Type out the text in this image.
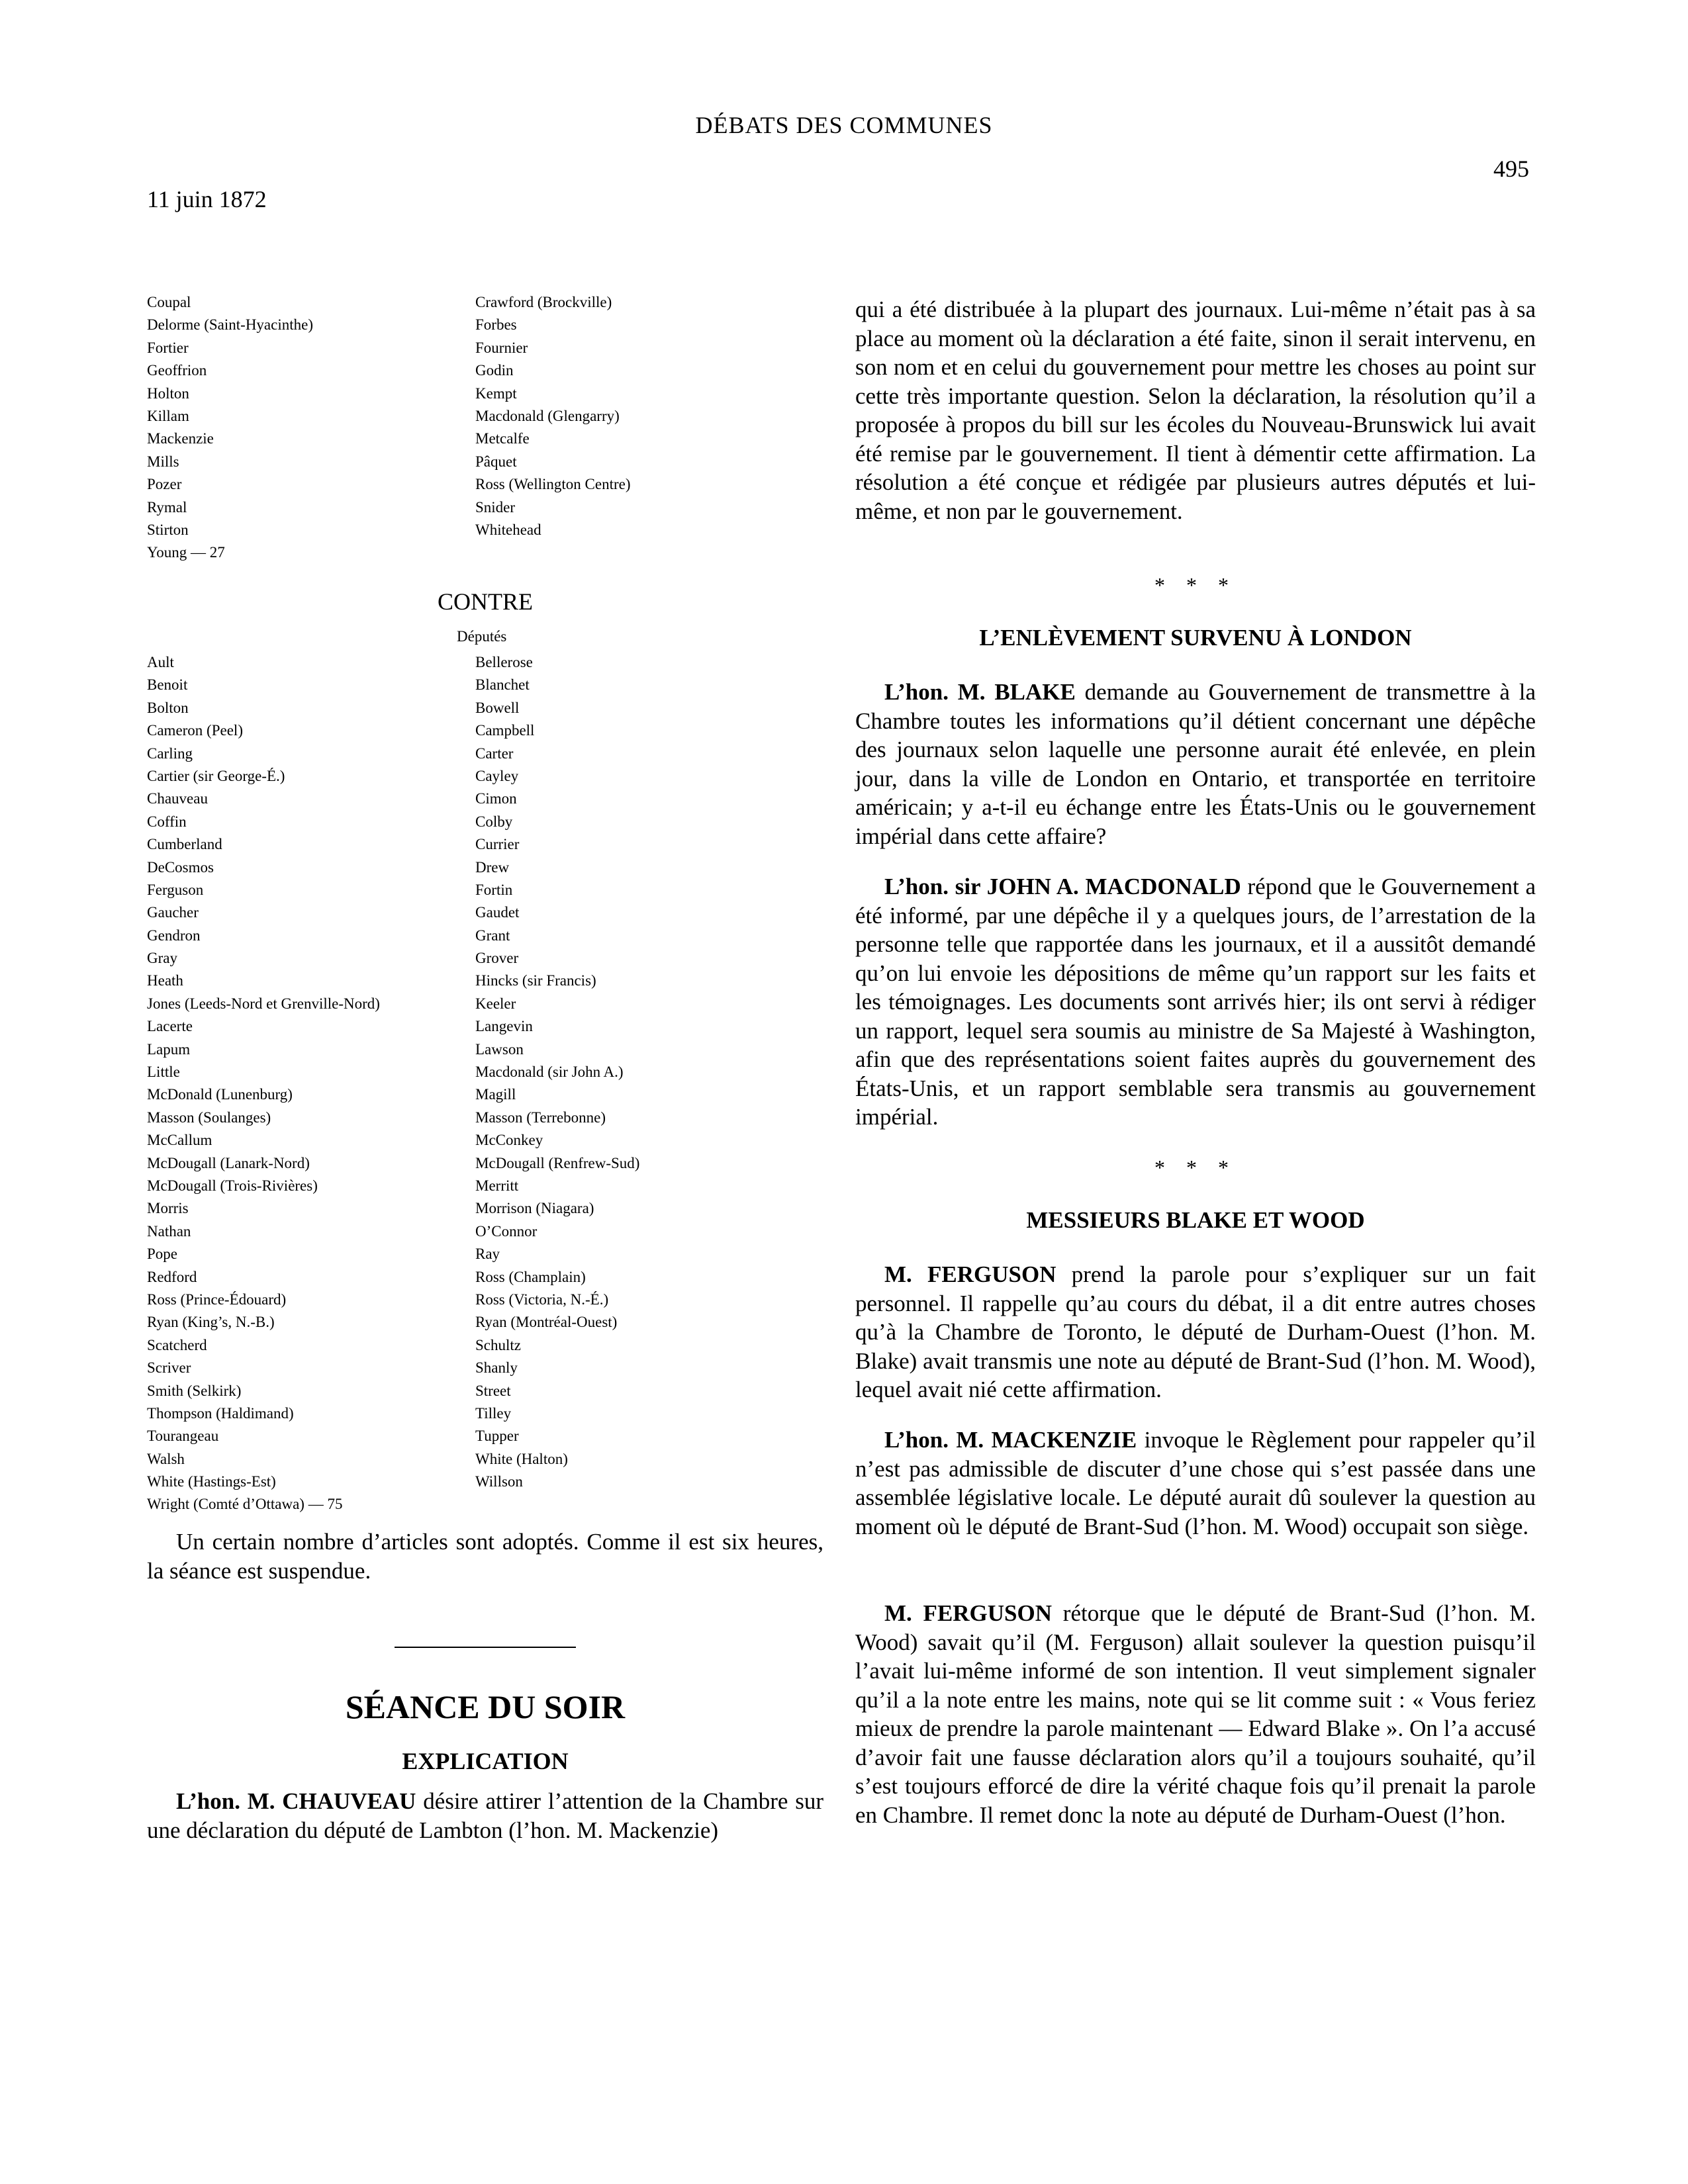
DÉBATS DES COMMUNES
495
11 juin 1872
Coupal
Delorme (Saint-Hyacinthe)
Fortier
Geoffrion
Holton
Killam
Mackenzie
Mills
Pozer
Rymal
Stirton
Young — 27
Crawford (Brockville)
Forbes
Fournier
Godin
Kempt
Macdonald (Glengarry)
Metcalfe
Pâquet
Ross (Wellington Centre)
Snider
Whitehead
CONTRE
Députés
Ault
Benoit
Bolton
Cameron (Peel)
Carling
Cartier (sir George-É.)
Chauveau
Coffin
Cumberland
DeCosmos
Ferguson
Gaucher
Gendron
Gray
Heath
Jones (Leeds-Nord et Grenville-Nord)
Lacerte
Lapum
Little
McDonald (Lunenburg)
Masson (Soulanges)
McCallum
McDougall (Lanark-Nord)
McDougall (Trois-Rivières)
Morris
Nathan
Pope
Redford
Ross (Prince-Édouard)
Ryan (King’s, N.-B.)
Scatcherd
Scriver
Smith (Selkirk)
Thompson (Haldimand)
Tourangeau
Walsh
White (Hastings-Est)
Wright (Comté d’Ottawa) — 75
Bellerose
Blanchet
Bowell
Campbell
Carter
Cayley
Cimon
Colby
Currier
Drew
Fortin
Gaudet
Grant
Grover
Hincks (sir Francis)
Keeler
Langevin
Lawson
Macdonald (sir John A.)
Magill
Masson (Terrebonne)
McConkey
McDougall (Renfrew-Sud)
Merritt
Morrison (Niagara)
O’Connor
Ray
Ross (Champlain)
Ross (Victoria, N.-É.)
Ryan (Montréal-Ouest)
Schultz
Shanly
Street
Tilley
Tupper
White (Halton)
Willson

Un certain nombre d’articles sont adoptés. Comme il est six heures, la séance est suspendue.

SÉANCE DU SOIR
EXPLICATION

L’hon. M. CHAUVEAU désire attirer l’attention de la Chambre sur une déclaration du député de Lambton (l’hon. M. Mackenzie)

qui a été distribuée à la plupart des journaux. Lui-même n’était pas à sa place au moment où la déclaration a été faite, sinon il serait intervenu, en son nom et en celui du gouvernement pour mettre les choses au point sur cette très importante question. Selon la déclaration, la résolution qu’il a proposée à propos du bill sur les écoles du Nouveau-Brunswick lui avait été remise par le gouvernement. Il tient à démentir cette affirmation. La résolution a été conçue et rédigée par plusieurs autres députés et lui-même, et non par le gouvernement.

* * *
L’ENLÈVEMENT SURVENU À LONDON

L’hon. M. BLAKE demande au Gouvernement de transmettre à la Chambre toutes les informations qu’il détient concernant une dépêche des journaux selon laquelle une personne aurait été enlevée, en plein jour, dans la ville de London en Ontario, et transportée en territoire américain; y a-t-il eu échange entre les États-Unis ou le gouvernement impérial dans cette affaire?

L’hon. sir JOHN A. MACDONALD répond que le Gouvernement a été informé, par une dépêche il y a quelques jours, de l’arrestation de la personne telle que rapportée dans les journaux, et il a aussitôt demandé qu’on lui envoie les dépositions de même qu’un rapport sur les faits et les témoignages. Les documents sont arrivés hier; ils ont servi à rédiger un rapport, lequel sera soumis au ministre de Sa Majesté à Washington, afin que des représentations soient faites auprès du gouvernement des États-Unis, et un rapport semblable sera transmis au gouvernement impérial.

* * *
MESSIEURS BLAKE ET WOOD

M. FERGUSON prend la parole pour s’expliquer sur un fait personnel. Il rappelle qu’au cours du débat, il a dit entre autres choses qu’à la Chambre de Toronto, le député de Durham-Ouest (l’hon. M. Blake) avait transmis une note au député de Brant-Sud (l’hon. M. Wood), lequel avait nié cette affirmation.

L’hon. M. MACKENZIE invoque le Règlement pour rappeler qu’il n’est pas admissible de discuter d’une chose qui s’est passée dans une assemblée législative locale. Le député aurait dû soulever la question au moment où le député de Brant-Sud (l’hon. M. Wood) occupait son siège.

M. FERGUSON rétorque que le député de Brant-Sud (l’hon. M. Wood) savait qu’il (M. Ferguson) allait soulever la question puisqu’il l’avait lui-même informé de son intention. Il veut simplement signaler qu’il a la note entre les mains, note qui se lit comme suit : « Vous feriez mieux de prendre la parole maintenant — Edward Blake ». On l’a accusé d’avoir fait une fausse déclaration alors qu’il a toujours souhaité, qu’il s’est toujours efforcé de dire la vérité chaque fois qu’il prenait la parole en Chambre. Il remet donc la note au député de Durham-Ouest (l’hon.
